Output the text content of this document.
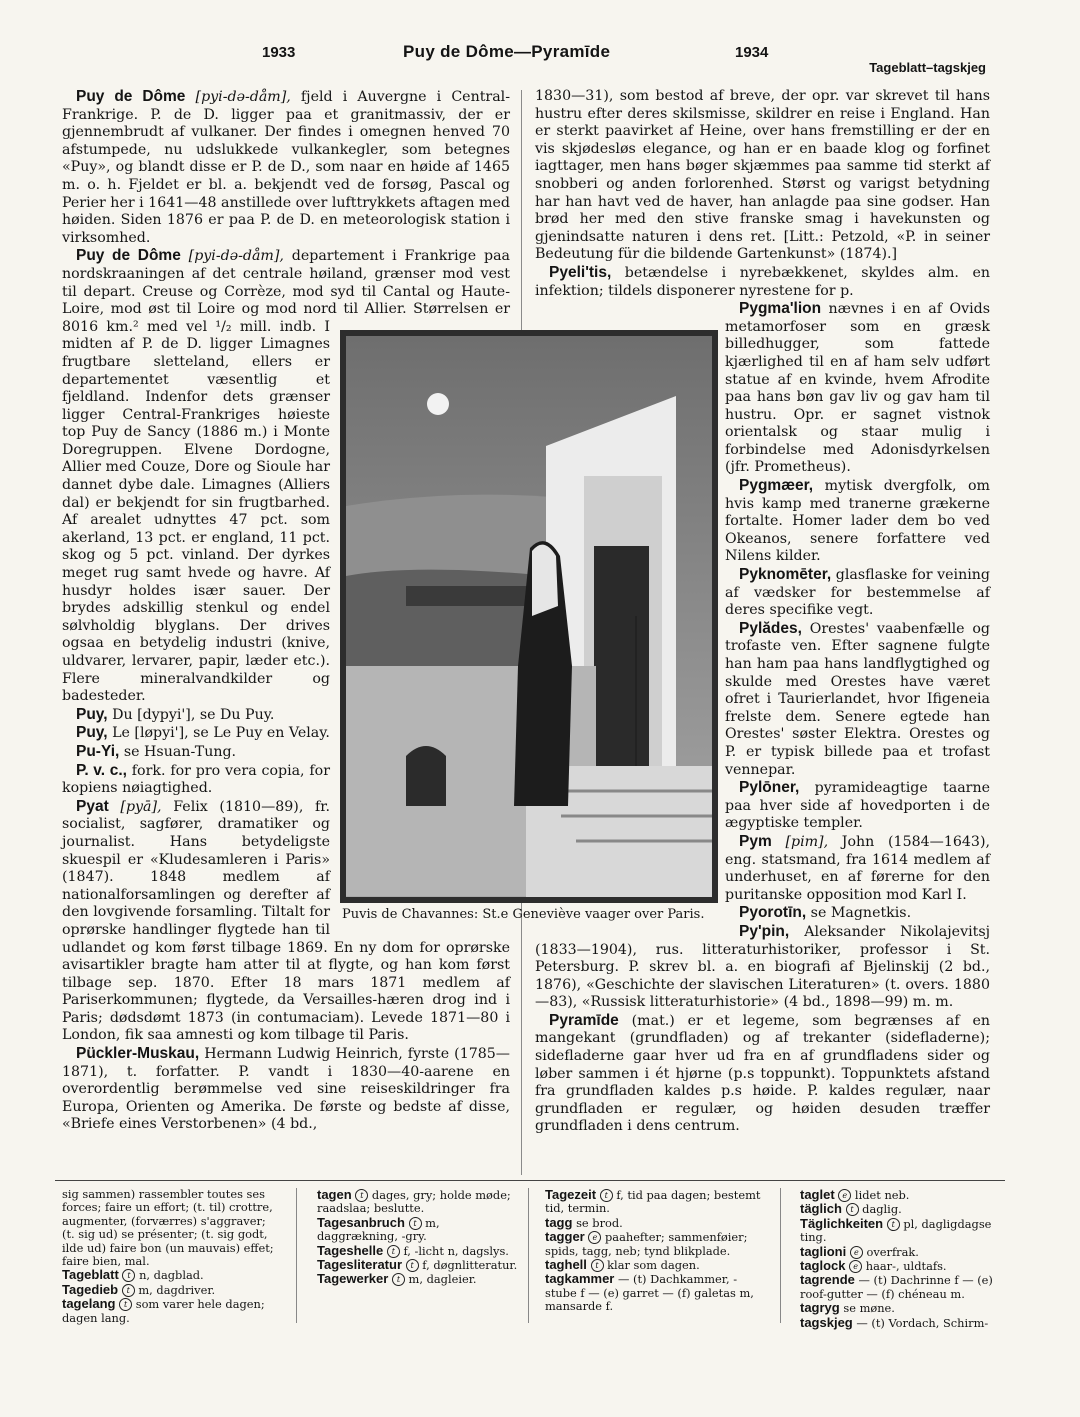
1933	Puy de Dôme—Pyramīde	1934
Tageblatt–tagskjeg

Puy de Dôme [pyi-də-dåm], fjeld i Auvergne i Central-Frankrige. P. de D. ligger paa et granitmassiv, der er gjennembrudt af vulkaner. Der findes i omegnen henved 70 afstumpede, nu udslukkede vulkankegler, som betegnes «Puy», og blandt disse er P. de D., som naar en høide af 1465 m. o. h. Fjeldet er bl. a. bekjendt ved de forsøg, Pascal og Perier her i 1641—48 anstillede over lufttrykkets aftagen med høiden. Siden 1876 er paa P. de D. en meteorologisk station i virksomhed.

Puy de Dôme [pyi-də-dåm], departement i Frankrige paa nordskraaningen af det centrale høiland, grænser mod vest til depart. Creuse og Corrèze, mod syd til Cantal og Haute-Loire, mod øst til Loire og mod nord til Allier. Størrelsen er 8016 km.² med vel ¹/₂ mill. indb. I midten af P. de D. ligger Limagnes frugtbare sletteland, ellers er departementet væsentlig et fjeldland. Indenfor dets grænser ligger Central-Frankriges høieste top Puy de Sancy (1886 m.) i Monte Doregruppen. Elvene Dordogne, Allier med Couze, Dore og Sioule har dannet dybe dale. Limagnes (Alliers dal) er bekjendt for sin frugtbarhed. Af arealet udnyttes 47 pct. som akerland, 13 pct. er england, 11 pct. skog og 5 pct. vinland. Der dyrkes meget rug samt hvede og havre. Af husdyr holdes især sauer. Der brydes adskillig stenkul og endel sølvholdig blyglans. Der drives ogsaa en betydelig industri (knive, uldvarer, lervarer, papir, læder etc.). Flere mineralvandkilder og badesteder.

Puy, Du [dypyi'], se Du Puy.

Puy, Le [løpyi'], se Le Puy en Velay.

Pu-Yi, se Hsuan-Tung.

P. v. c., fork. for pro vera copia, for kopiens nøiagtighed.

Pyat [pyā], Felix (1810—89), fr. socialist, sagfører, dramatiker og journalist. Hans betydeligste skuespil er «Kludesamleren i Paris» (1847). 1848 medlem af nationalforsamlingen og derefter af den lovgivende forsamling. Tiltalt for oprørske handlinger flygtede han til udlandet og kom først tilbage 1869. En ny dom for oprørske avisartikler bragte ham atter til at flygte, og han kom først tilbage sep. 1870. Efter 18 mars 1871 medlem af Pariserkommunen; flygtede, da Versailles-hæren drog ind i Paris; dødsdømt 1873 (in contumaciam). Levede 1871—80 i London, fik saa amnesti og kom tilbage til Paris.

Pückler-Muskau, Hermann Ludwig Heinrich, fyrste (1785—1871), t. forfatter. P. vandt i 1830—40-aarene en overordentlig berømmelse ved sine reiseskildringer fra Europa, Orienten og Amerika. De første og bedste af disse, «Briefe eines Verstorbenen» (4 bd.,

1830—31), som bestod af breve, der opr. var skrevet til hans hustru efter deres skilsmisse, skildrer en reise i England. Han er sterkt paavirket af Heine, over hans fremstilling er der en vis skjødesløs elegance, og han er en baade klog og forfinet iagttager, men hans bøger skjæmmes paa samme tid sterkt af snobberi og anden forlorenhed. Størst og varigst betydning har han havt ved de haver, han anlagde paa sine godser. Han brød her med den stive franske smag i havekunsten og gjenindsatte naturen i dens ret. [Litt.: Petzold, «P. in seiner Bedeutung für die bildende Gartenkunst» (1874).]

Pyeli'tis, betændelse i nyrebækkenet, skyldes alm. en infektion; tildels disponerer nyrestene for p.

Pygma'lion nævnes i en af Ovids metamorfoser som en græsk billedhugger, som fattede kjærlighed til en af ham selv udført statue af en kvinde, hvem Afrodite paa hans bøn gav liv og gav ham til hustru. Opr. er sagnet vistnok orientalsk og staar mulig i forbindelse med Adonisdyrkelsen (jfr. Prometheus).

Pygmæer, mytisk dvergfolk, om hvis kamp med tranerne grækerne fortalte. Homer lader dem bo ved Okeanos, senere forfattere ved Nilens kilder.

Pyknomēter, glasflaske for veining af vædsker for bestemmelse af deres specifike vegt.

Pylădes, Orestes' vaabenfælle og trofaste ven. Efter sagnene fulgte han ham paa hans landflygtighed og skulde med Orestes have været ofret i Taurierlandet, hvor Ifigeneia frelste dem. Senere egtede han Orestes' søster Elektra. Orestes og P. er typisk billede paa et trofast vennepar.

Pylōner, pyramideagtige taarne paa hver side af hovedporten i de ægyptiske templer.

Pym [pim], John (1584—1643), eng. statsmand, fra 1614 medlem af underhuset, en af førerne for den puritanske opposition mod Karl I.

Pyorotīn, se Magnetkis.

Py'pin, Aleksander Nikolajevitsj (1833—1904), rus. litteraturhistoriker, professor i St. Petersburg. P. skrev bl. a. en biografi af Bjelinskij (2 bd., 1876), «Geschichte der slavischen Literaturen» (t. overs. 1880—83), «Russisk litteraturhistorie» (4 bd., 1898—99) m. m.

Pyramīde (mat.) er et legeme, som begrænses af en mangekant (grundfladen) og af trekanter (sidefladerne); sidefladerne gaar hver ud fra en af grundfladens sider og løber sammen i ét hjørne (p.s toppunkt). Toppunktets afstand fra grundfladen kaldes p.s høide. P. kaldes regulær, naar grundfladen er regulær, og høiden desuden træffer grundfladen i dens centrum.

Puvis de Chavannes: St.e Geneviève vaager over Paris.

sig sammen) rassembler toutes ses forces; faire un effort; (t. til) crottre, augmenter, (forværres) s'aggraver; (t. sig ud) se présenter; (t. sig godt, ilde ud) faire bon (un mauvais) effet; faire bien, mal.

Tageblatt t n, dagblad.

Tagedieb t m, dagdriver.

tagelang t som varer hele dagen; dagen lang.

tagen t dages, gry; holde møde; raadslaa; beslutte.

Tagesanbruch t m, daggrækning, -gry.

Tageshelle t f, -licht n, dagslys.

Tagesliteratur t f, døgnlitteratur.

Tagewerker t m, dagleier.

Tagezeit t f, tid paa dagen; bestemt tid, termin.

tagg se brod.

tagger e paahefter; sammenføier; spids, tagg, neb; tynd blikplade.

taghell t klar som dagen.

tagkammer — (t) Dachkammer, -stube f — (e) garret — (f) galetas m, mansarde f.

taglet e lidet neb.

täglich t daglig.

Täglichkeiten t pl, dagligdagse ting.

taglioni e overfrak.

taglock e haar-, uldtafs.

tagrende — (t) Dachrinne f — (e) roof-gutter — (f) chéneau m.

tagryg se møne.

tagskjeg — (t) Vordach, Schirm-
